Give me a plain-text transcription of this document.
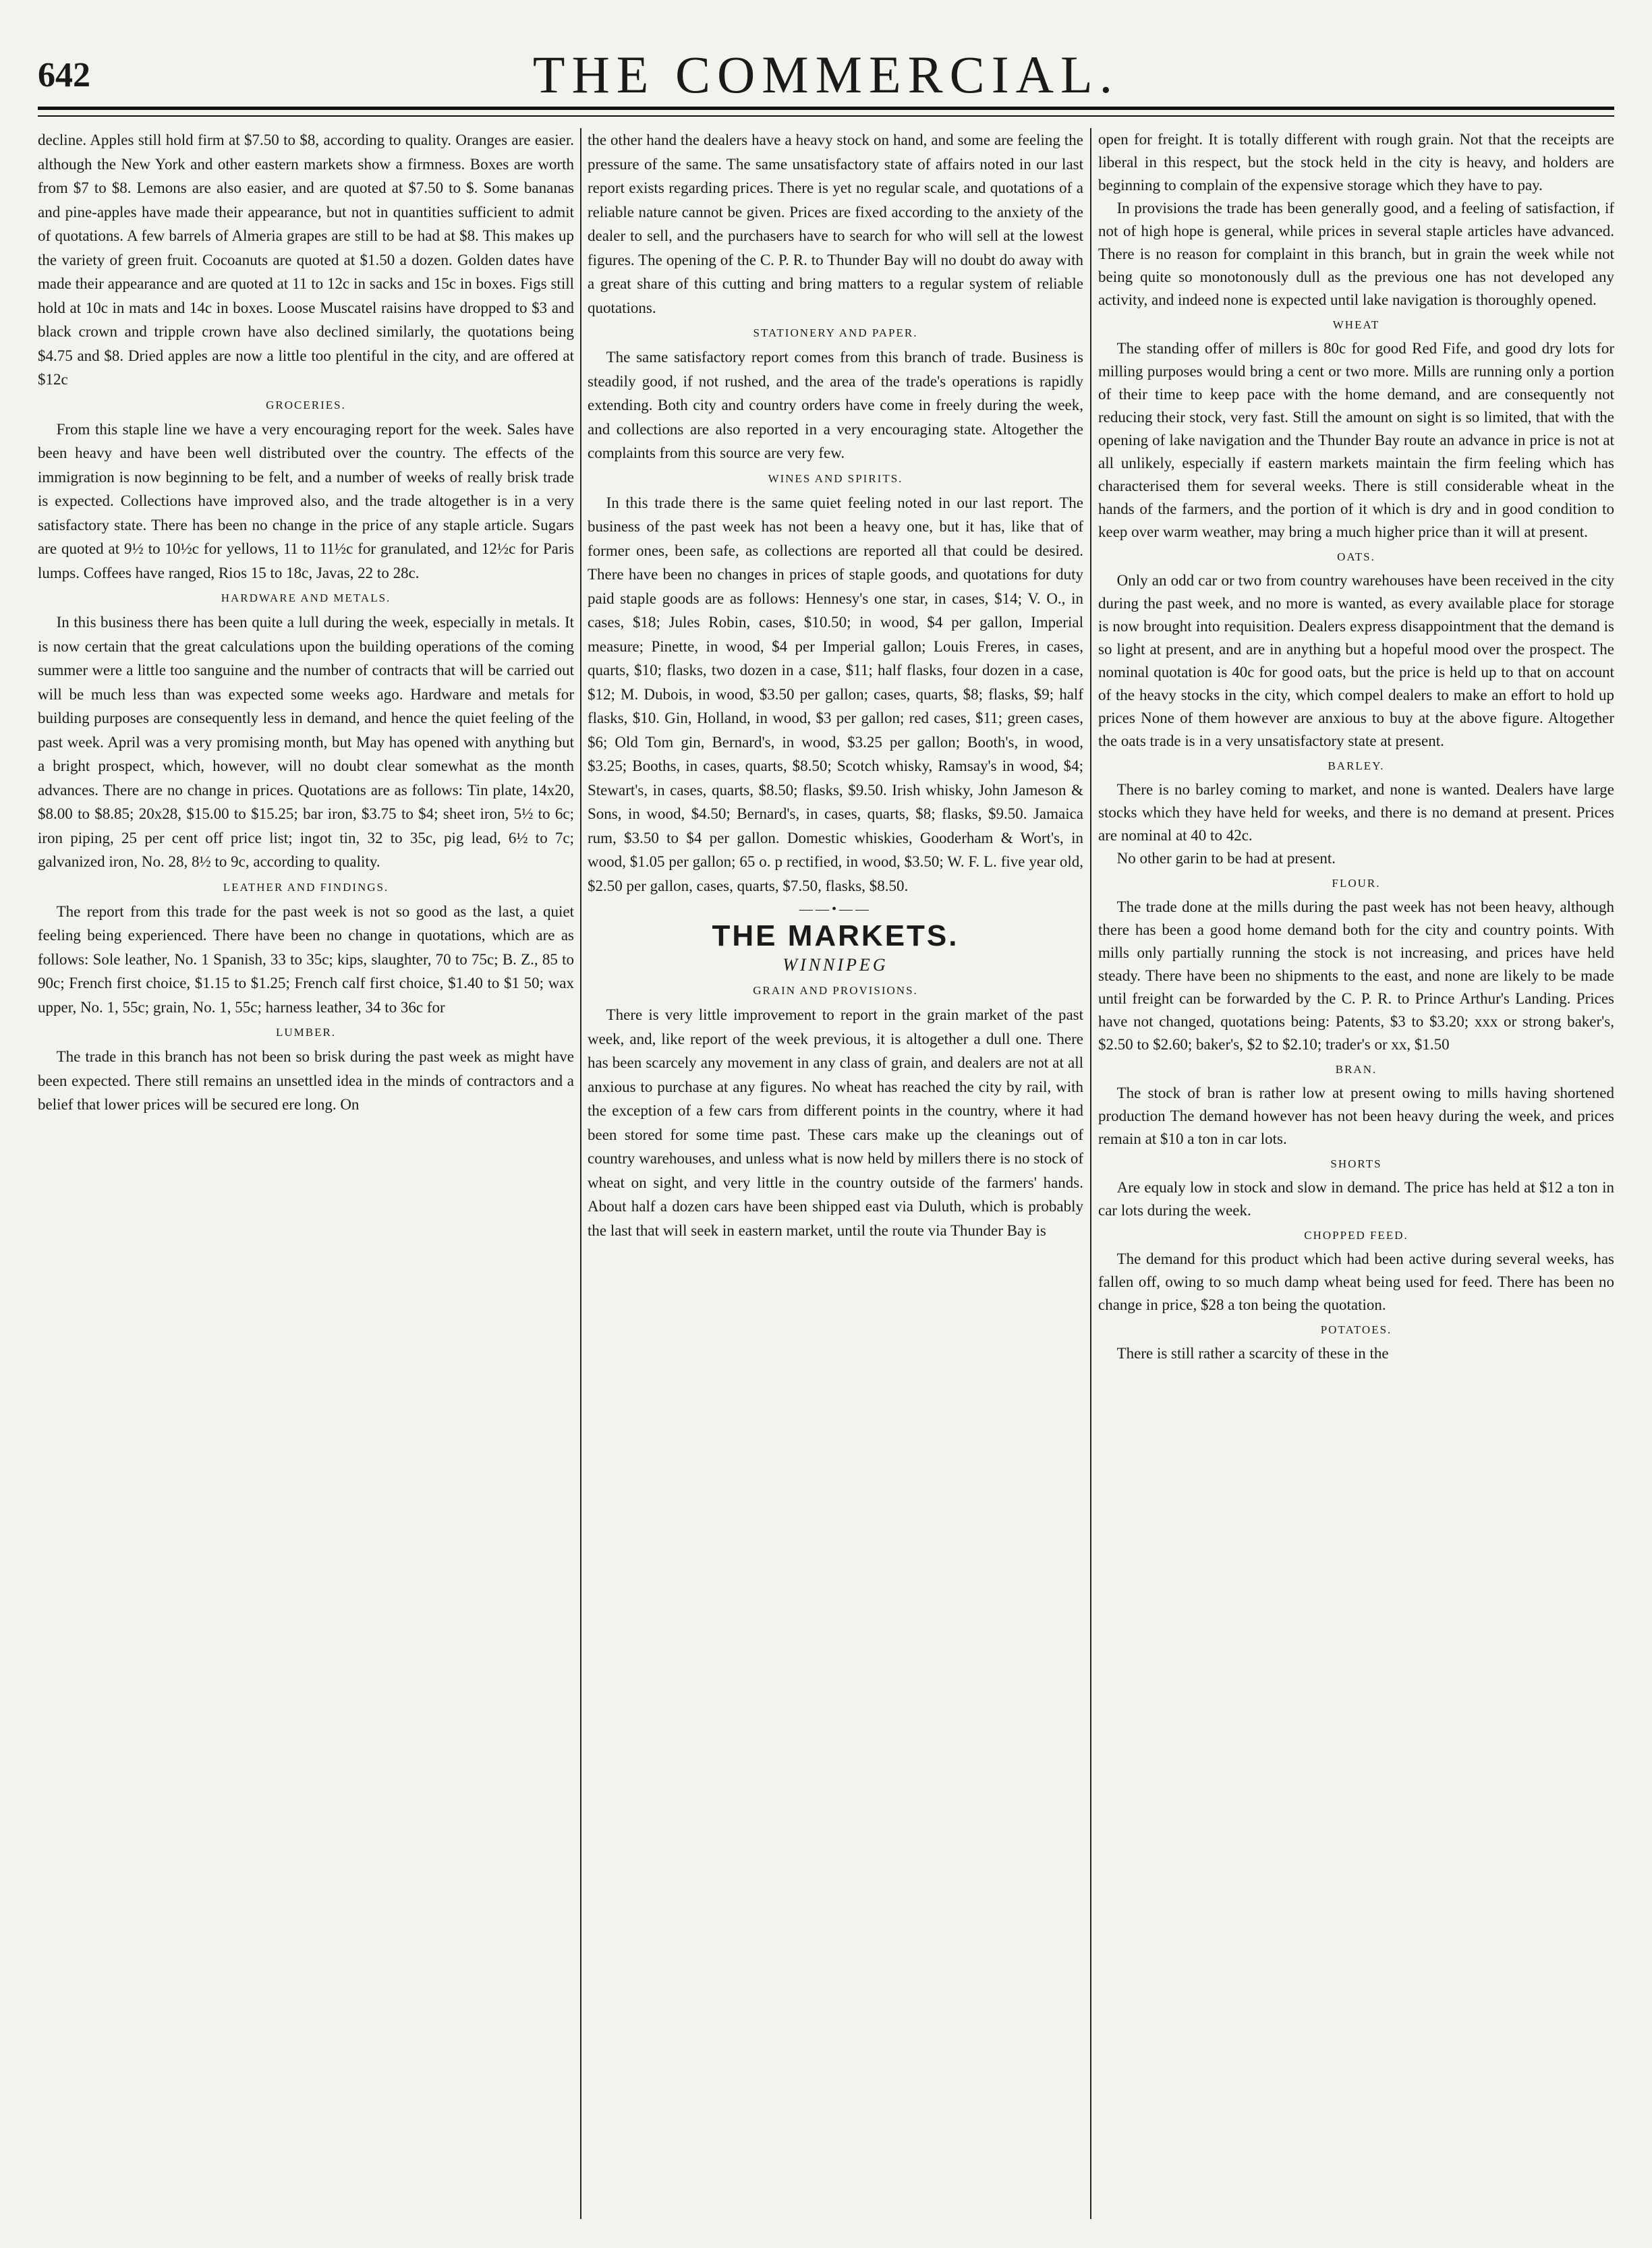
642	THE COMMERCIAL.

decline. Apples still hold firm at $7.50 to $8, according to quality. Oranges are easier. although the New York and other eastern markets show a firmness. Boxes are worth from $7 to $8. Lemons are also easier, and are quoted at $7.50 to $. Some bananas and pine-apples have made their appearance, but not in quantities sufficient to admit of quotations. A few barrels of Almeria grapes are still to be had at $8. This makes up the variety of green fruit. Cocoanuts are quoted at $1.50 a dozen. Golden dates have made their appearance and are quoted at 11 to 12c in sacks and 15c in boxes. Figs still hold at 10c in mats and 14c in boxes. Loose Muscatel raisins have dropped to $3 and black crown and tripple crown have also declined similarly, the quotations being $4.75 and $8. Dried apples are now a little too plentiful in the city, and are offered at $12c

GROCERIES.

From this staple line we have a very encouraging report for the week. Sales have been heavy and have been well distributed over the country. The effects of the immigration is now beginning to be felt, and a number of weeks of really brisk trade is expected. Collections have improved also, and the trade altogether is in a very satisfactory state. There has been no change in the price of any staple article. Sugars are quoted at 9½ to 10½c for yellows, 11 to 11½c for granulated, and 12½c for Paris lumps. Coffees have ranged, Rios 15 to 18c, Javas, 22 to 28c.

HARDWARE AND METALS.

In this business there has been quite a lull during the week, especially in metals. It is now certain that the great calculations upon the building operations of the coming summer were a little too sanguine and the number of contracts that will be carried out will be much less than was expected some weeks ago. Hardware and metals for building purposes are consequently less in demand, and hence the quiet feeling of the past week. April was a very promising month, but May has opened with anything but a bright prospect, which, however, will no doubt clear somewhat as the month advances. There are no change in prices. Quotations are as follows: Tin plate, 14x20, $8.00 to $8.85; 20x28, $15.00 to $15.25; bar iron, $3.75 to $4; sheet iron, 5½ to 6c; iron piping, 25 per cent off price list; ingot tin, 32 to 35c, pig lead, 6½ to 7c; galvanized iron, No. 28, 8½ to 9c, according to quality.

LEATHER AND FINDINGS.

The report from this trade for the past week is not so good as the last, a quiet feeling being experienced. There have been no change in quotations, which are as follows: Sole leather, No. 1 Spanish, 33 to 35c; kips, slaughter, 70 to 75c; B. Z., 85 to 90c; French first choice, $1.15 to $1.25; French calf first choice, $1.40 to $1 50; wax upper, No. 1, 55c; grain, No. 1, 55c; harness leather, 34 to 36c for

LUMBER.

The trade in this branch has not been so brisk during the past week as might have been expected. There still remains an unsettled idea in the minds of contractors and a belief that lower prices will be secured ere long. On

the other hand the dealers have a heavy stock on hand, and some are feeling the pressure of the same. The same unsatisfactory state of affairs noted in our last report exists regarding prices. There is yet no regular scale, and quotations of a reliable nature cannot be given. Prices are fixed according to the anxiety of the dealer to sell, and the purchasers have to search for who will sell at the lowest figures. The opening of the C. P. R. to Thunder Bay will no doubt do away with a great share of this cutting and bring matters to a regular system of reliable quotations.

STATIONERY AND PAPER.

The same satisfactory report comes from this branch of trade. Business is steadily good, if not rushed, and the area of the trade's operations is rapidly extending. Both city and country orders have come in freely during the week, and collections are also reported in a very encouraging state. Altogether the complaints from this source are very few.

WINES AND SPIRITS.

In this trade there is the same quiet feeling noted in our last report. The business of the past week has not been a heavy one, but it has, like that of former ones, been safe, as collections are reported all that could be desired. There have been no changes in prices of staple goods, and quotations for duty paid staple goods are as follows: Hennesy's one star, in cases, $14; V. O., in cases, $18; Jules Robin, cases, $10.50; in wood, $4 per gallon, Imperial measure; Pinette, in wood, $4 per Imperial gallon; Louis Freres, in cases, quarts, $10; flasks, two dozen in a case, $11; half flasks, four dozen in a case, $12; M. Dubois, in wood, $3.50 per gallon; cases, quarts, $8; flasks, $9; half flasks, $10. Gin, Holland, in wood, $3 per gallon; red cases, $11; green cases, $6; Old Tom gin, Bernard's, in wood, $3.25 per gallon; Booth's, in wood, $3.25; Booths, in cases, quarts, $8.50; Scotch whisky, Ramsay's in wood, $4; Stewart's, in cases, quarts, $8.50; flasks, $9.50. Irish whisky, John Jameson & Sons, in wood, $4.50; Bernard's, in cases, quarts, $8; flasks, $9.50. Jamaica rum, $3.50 to $4 per gallon. Domestic whiskies, Gooderham & Wort's, in wood, $1.05 per gallon; 65 o. p rectified, in wood, $3.50; W. F. L. five year old, $2.50 per gallon, cases, quarts, $7.50, flasks, $8.50.

——•——
THE MARKETS.
WINNIPEG
GRAIN AND PROVISIONS.

There is very little improvement to report in the grain market of the past week, and, like report of the week previous, it is altogether a dull one. There has been scarcely any movement in any class of grain, and dealers are not at all anxious to purchase at any figures. No wheat has reached the city by rail, with the exception of a few cars from different points in the country, where it had been stored for some time past. These cars make up the cleanings out of country warehouses, and unless what is now held by millers there is no stock of wheat on sight, and very little in the country outside of the farmers' hands. About half a dozen cars have been shipped east via Duluth, which is probably the last that will seek in eastern market, until the route via Thunder Bay is

open for freight. It is totally different with rough grain. Not that the receipts are liberal in this respect, but the stock held in the city is heavy, and holders are beginning to complain of the expensive storage which they have to pay.

In provisions the trade has been generally good, and a feeling of satisfaction, if not of high hope is general, while prices in several staple articles have advanced. There is no reason for complaint in this branch, but in grain the week while not being quite so monotonously dull as the previous one has not developed any activity, and indeed none is expected until lake navigation is thoroughly opened.

WHEAT

The standing offer of millers is 80c for good Red Fife, and good dry lots for milling purposes would bring a cent or two more. Mills are running only a portion of their time to keep pace with the home demand, and are consequently not reducing their stock, very fast. Still the amount on sight is so limited, that with the opening of lake navigation and the Thunder Bay route an advance in price is not at all unlikely, especially if eastern markets maintain the firm feeling which has characterised them for several weeks. There is still considerable wheat in the hands of the farmers, and the portion of it which is dry and in good condition to keep over warm weather, may bring a much higher price than it will at present.

OATS.

Only an odd car or two from country warehouses have been received in the city during the past week, and no more is wanted, as every available place for storage is now brought into requisition. Dealers express disappointment that the demand is so light at present, and are in anything but a hopeful mood over the prospect. The nominal quotation is 40c for good oats, but the price is held up to that on account of the heavy stocks in the city, which compel dealers to make an effort to hold up prices None of them however are anxious to buy at the above figure. Altogether the oats trade is in a very unsatisfactory state at present.

BARLEY.

There is no barley coming to market, and none is wanted. Dealers have large stocks which they have held for weeks, and there is no demand at present. Prices are nominal at 40 to 42c.

No other garin to be had at present.

FLOUR.

The trade done at the mills during the past week has not been heavy, although there has been a good home demand both for the city and country points. With mills only partially running the stock is not increasing, and prices have held steady. There have been no shipments to the east, and none are likely to be made until freight can be forwarded by the C. P. R. to Prince Arthur's Landing. Prices have not changed, quotations being: Patents, $3 to $3.20; xxx or strong baker's, $2.50 to $2.60; baker's, $2 to $2.10; trader's or xx, $1.50

BRAN.

The stock of bran is rather low at present owing to mills having shortened production The demand however has not been heavy during the week, and prices remain at $10 a ton in car lots.

SHORTS

Are equaly low in stock and slow in demand. The price has held at $12 a ton in car lots during the week.

CHOPPED FEED.

The demand for this product which had been active during several weeks, has fallen off, owing to so much damp wheat being used for feed. There has been no change in price, $28 a ton being the quotation.

POTATOES.

There is still rather a scarcity of these in the
